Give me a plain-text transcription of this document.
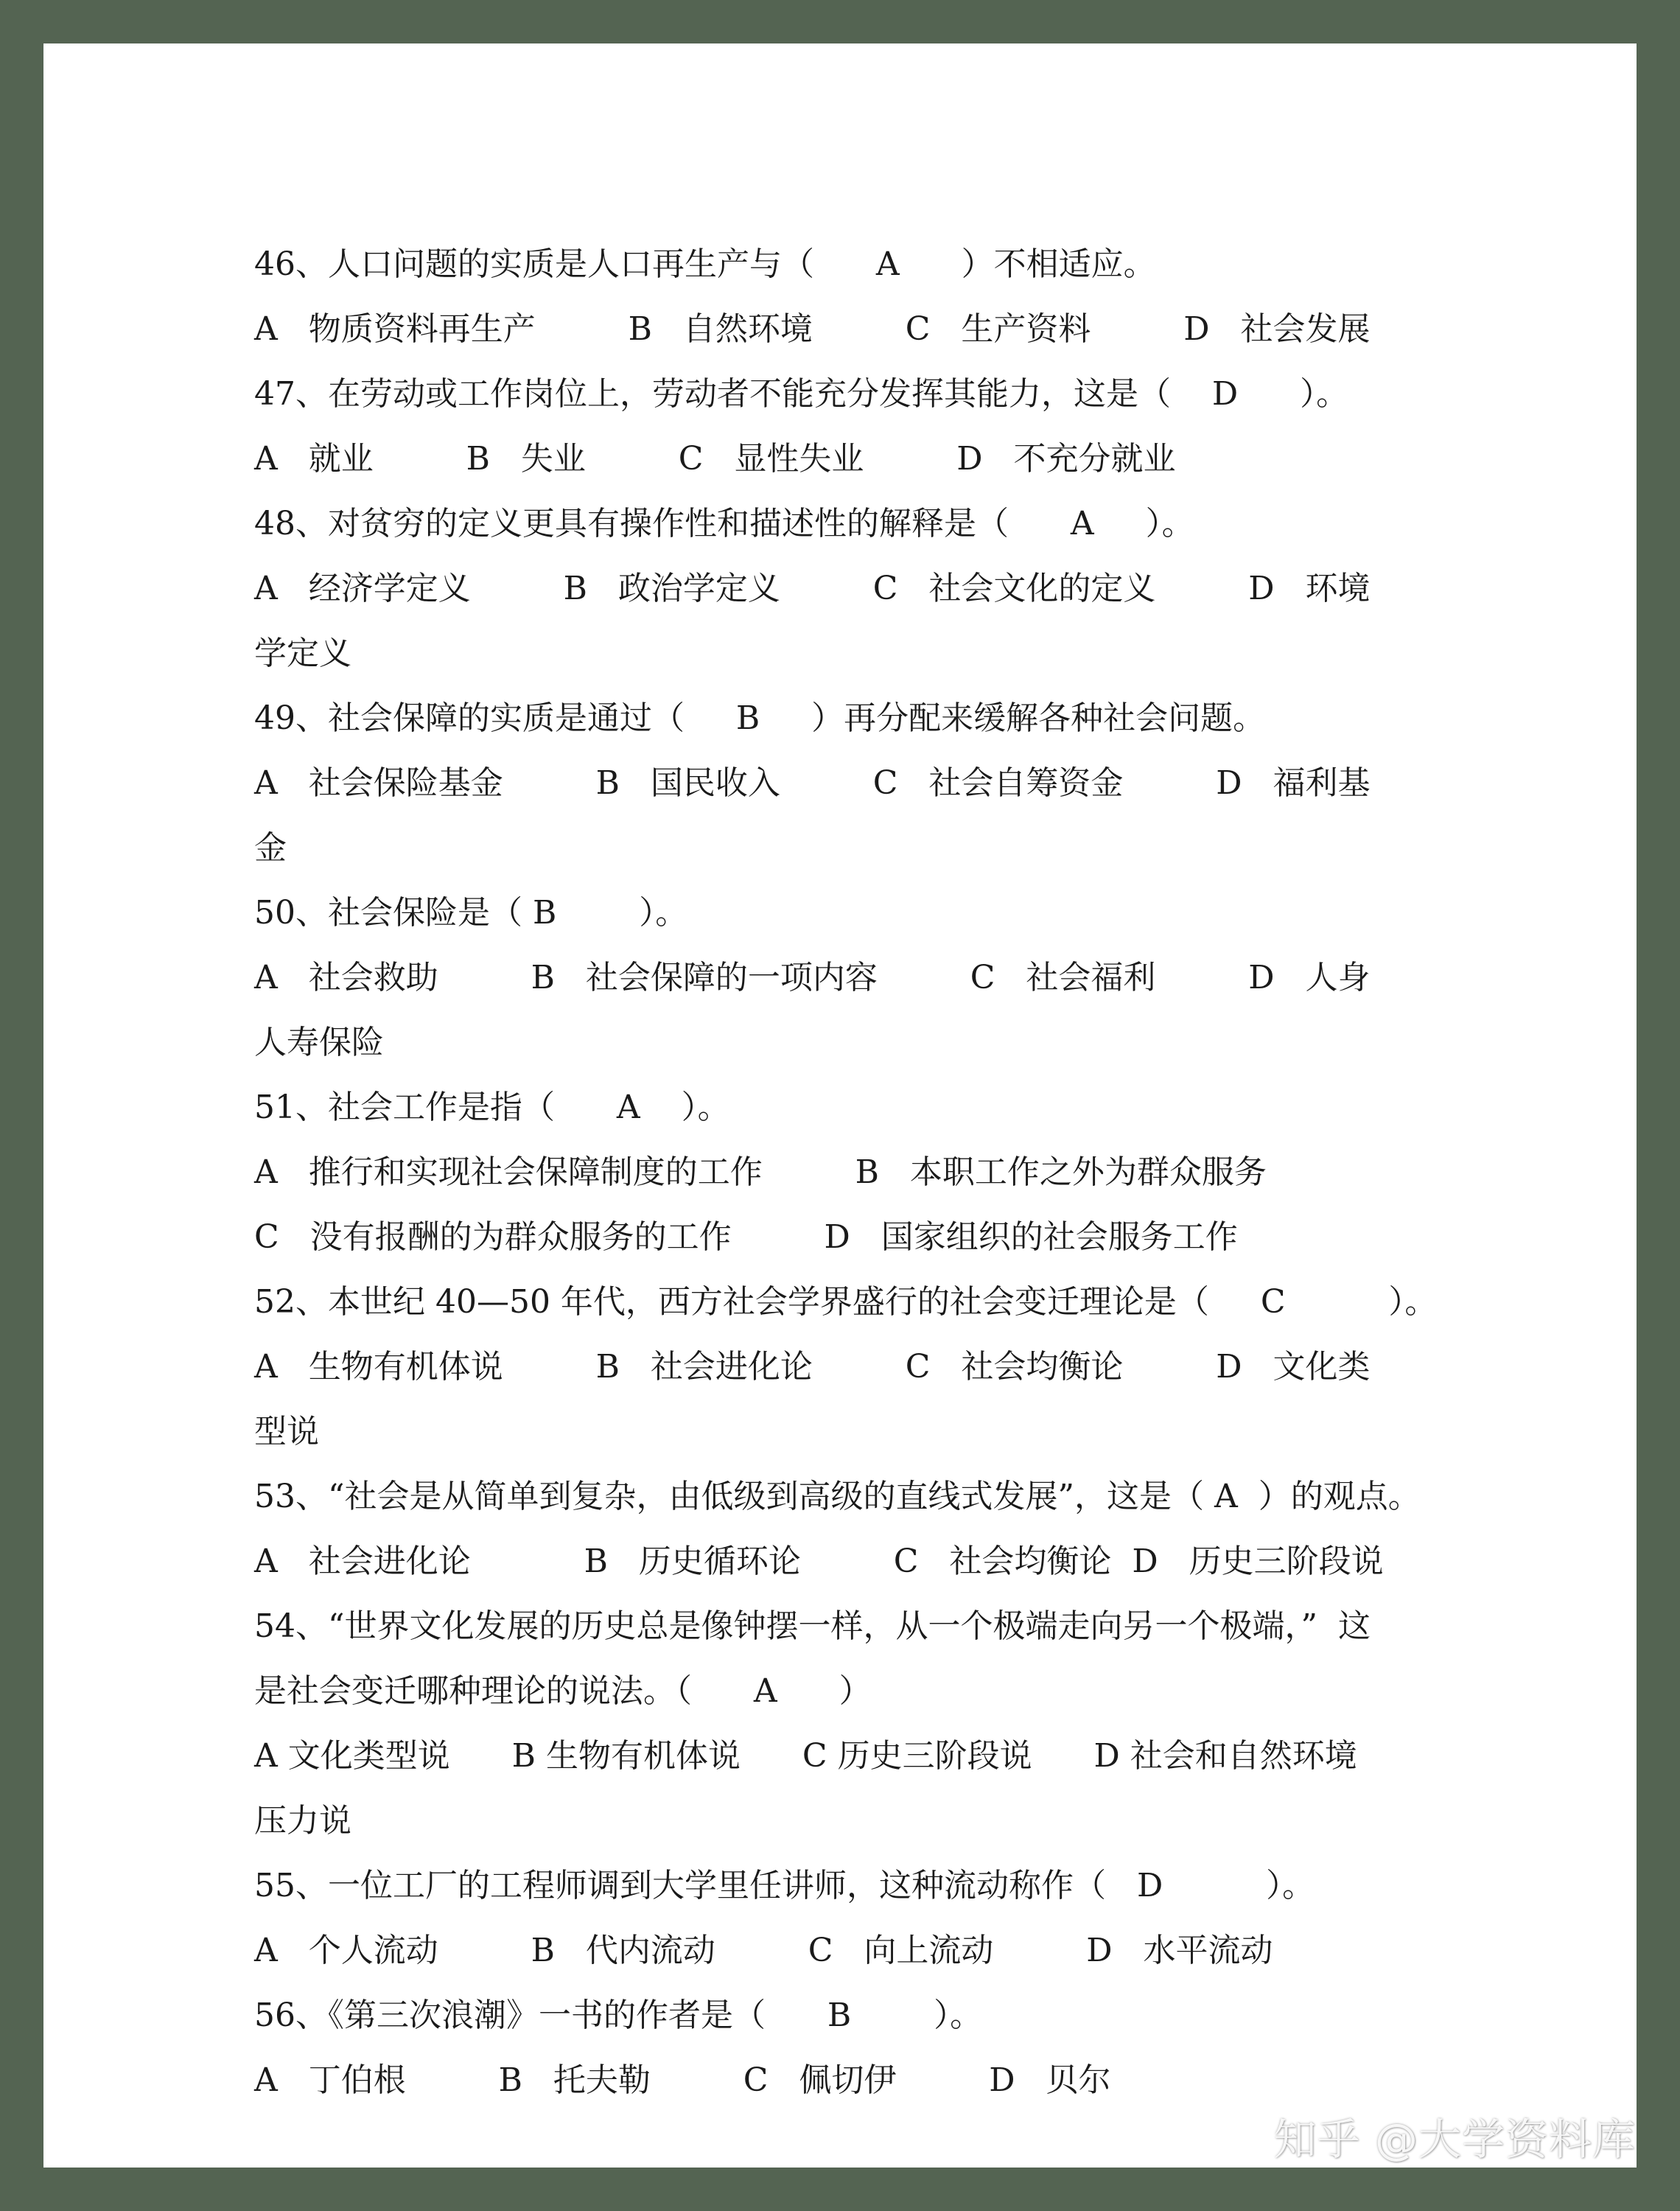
46、人口问题的实质是人口再生产与（      A      ）不相适应。
A   物质资料再生产         B   自然环境         C   生产资料         D   社会发展
47、在劳动或工作岗位上，劳动者不能充分发挥其能力，这是（    D      ）。
A   就业         B   失业         C   显性失业         D   不充分就业
48、对贫穷的定义更具有操作性和描述性的解释是（      A     ）。
A   经济学定义         B   政治学定义         C   社会文化的定义         D   环境
学定义
49、社会保障的实质是通过（     B     ）再分配来缓解各种社会问题。
A   社会保险基金         B   国民收入         C   社会自筹资金         D   福利基
金
50、社会保险是（ B        ）。
A   社会救助         B   社会保障的一项内容         C   社会福利         D   人身
人寿保险
51、社会工作是指（      A    ）。
A   推行和实现社会保障制度的工作         B   本职工作之外为群众服务
C   没有报酬的为群众服务的工作         D   国家组织的社会服务工作
52、本世纪 40—50 年代，西方社会学界盛行的社会变迁理论是（     C          ）。
A   生物有机体说         B   社会进化论         C   社会均衡论         D   文化类
型说
53、“社会是从简单到复杂，由低级到高级的直线式发展”，这是（ A  ）的观点。
A   社会进化论           B   历史循环论         C   社会均衡论  D   历史三阶段说
54、“世界文化发展的历史总是像钟摆一样，从一个极端走向另一个极端，”  这
是社会变迁哪种理论的说法。（      A      ）
A 文化类型说      B 生物有机体说      C 历史三阶段说      D 社会和自然环境
压力说
55、一位工厂的工程师调到大学里任讲师，这种流动称作（   D          ）。
A   个人流动         B   代内流动         C   向上流动         D   水平流动
56、《第三次浪潮》一书的作者是（      B        ）。
A   丁伯根         B   托夫勒         C   佩切伊         D   贝尔
知乎 @大学资料库
